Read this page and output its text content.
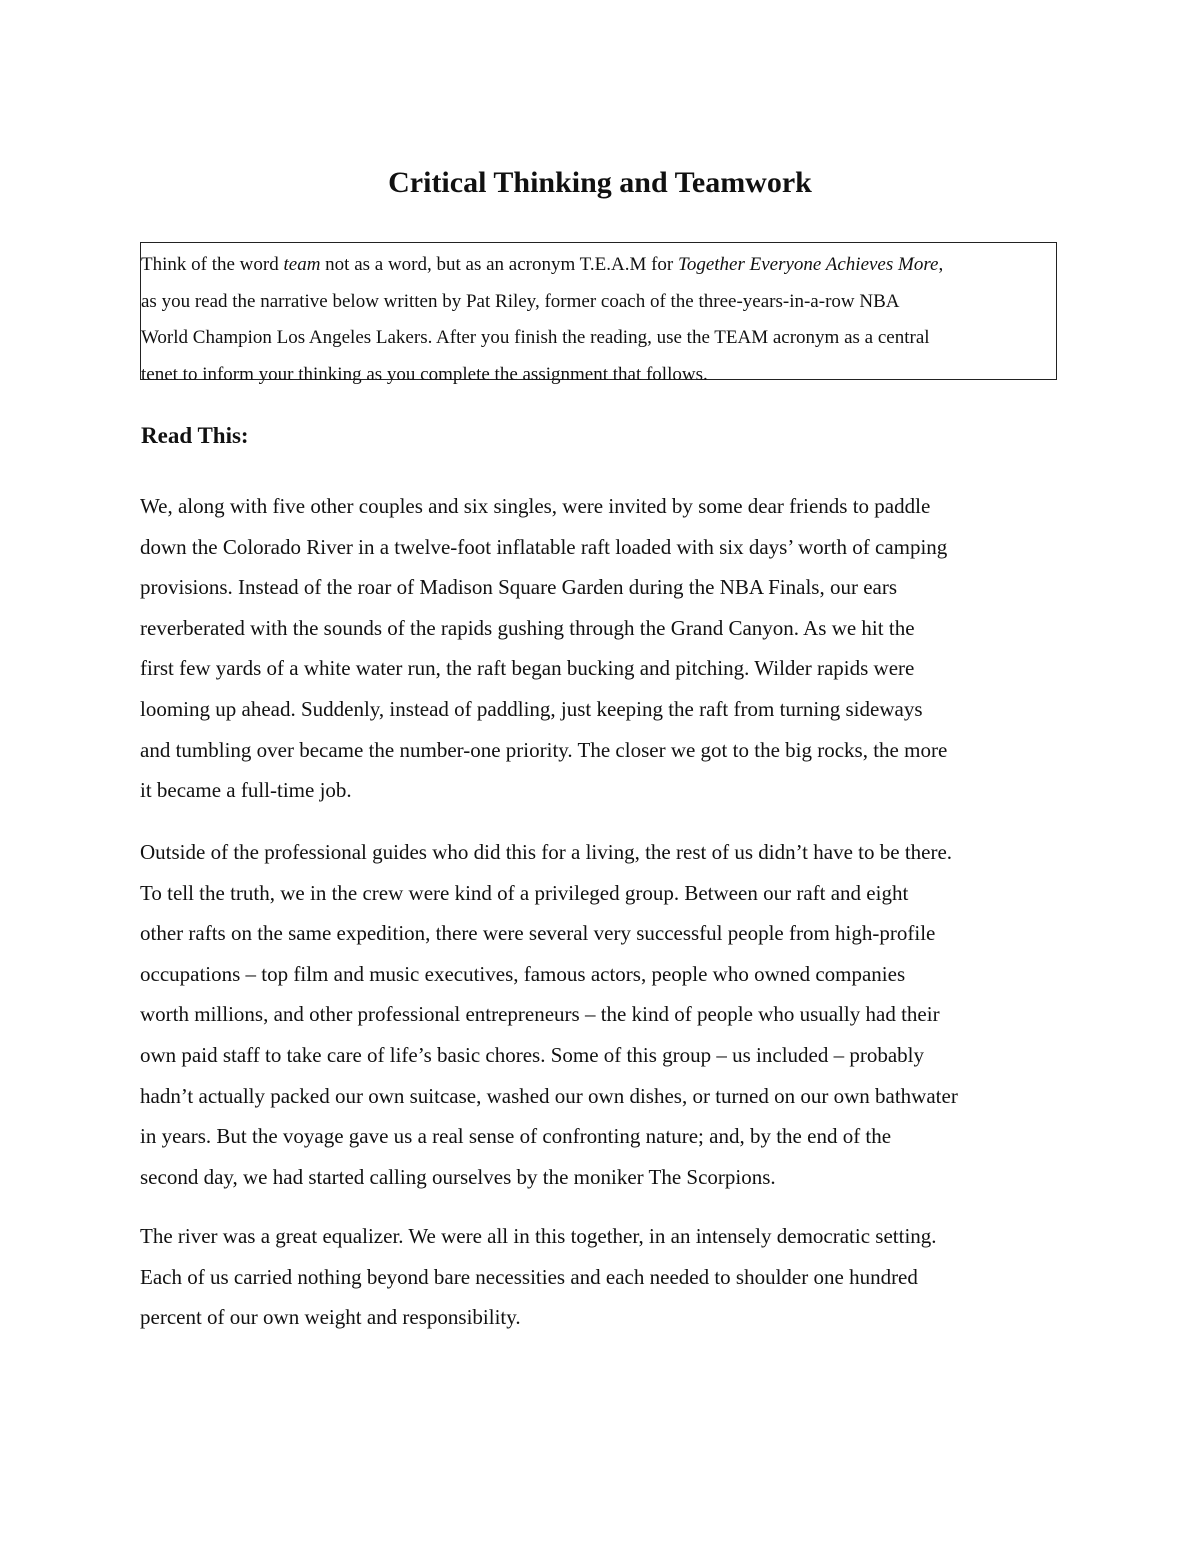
Critical Thinking and Teamwork

Think of the word team not as a word, but as an acronym T.E.A.M for Together Everyone Achieves More,

as you read the narrative below written by Pat Riley, former coach of the three-years-in-a-row NBA

World Champion Los Angeles Lakers. After you finish the reading, use the TEAM acronym as a central

tenet to inform your thinking as you complete the assignment that follows.

Read This:

We, along with five other couples and six singles, were invited by some dear friends to paddle
down the Colorado River in a twelve-foot inflatable raft loaded with six days’ worth of camping
provisions. Instead of the roar of Madison Square Garden during the NBA Finals, our ears
reverberated with the sounds of the rapids gushing through the Grand Canyon. As we hit the
first few yards of a white water run, the raft began bucking and pitching. Wilder rapids were
looming up ahead. Suddenly, instead of paddling, just keeping the raft from turning sideways
and tumbling over became the number-one priority. The closer we got to the big rocks, the more
it became a full-time job.

Outside of the professional guides who did this for a living, the rest of us didn’t have to be there.
To tell the truth, we in the crew were kind of a privileged group. Between our raft and eight
other rafts on the same expedition, there were several very successful people from high-profile
occupations – top film and music executives, famous actors, people who owned companies
worth millions, and other professional entrepreneurs – the kind of people who usually had their
own paid staff to take care of life’s basic chores. Some of this group – us included – probably
hadn’t actually packed our own suitcase, washed our own dishes, or turned on our own bathwater
in years. But the voyage gave us a real sense of confronting nature; and, by the end of the
second day, we had started calling ourselves by the moniker The Scorpions.

The river was a great equalizer. We were all in this together, in an intensely democratic setting.
Each of us carried nothing beyond bare necessities and each needed to shoulder one hundred
percent of our own weight and responsibility.
